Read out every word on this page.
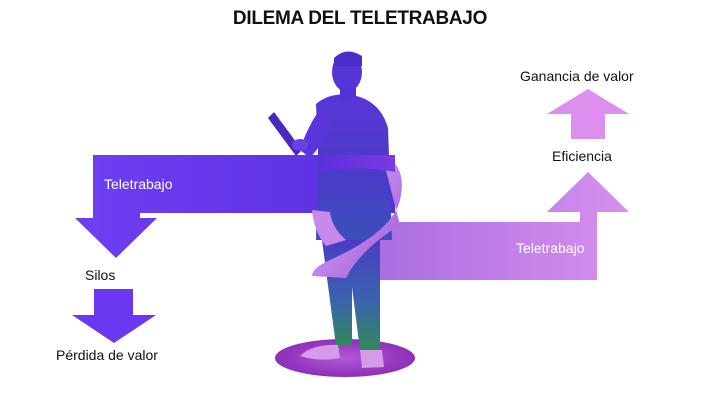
DILEMA DEL TELETRABAJO
Teletrabajo
Silos
Pérdida de valor
Teletrabajo
Eficiencia
Ganancia de valor
